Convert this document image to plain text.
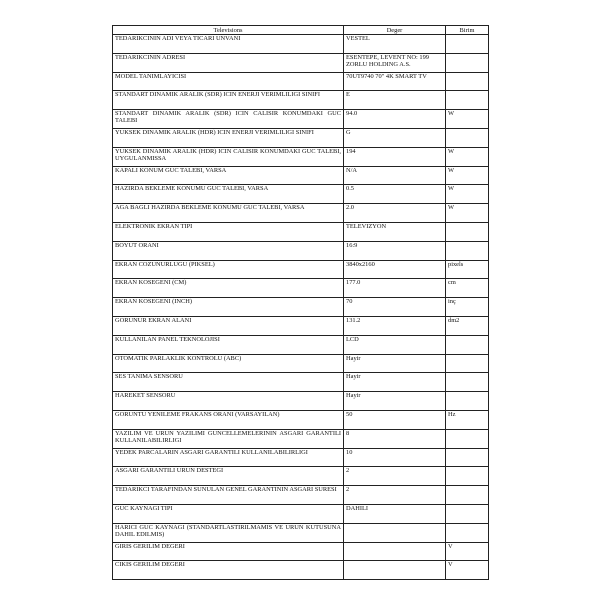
Televisions	Deger	Birim
TEDARIKCININ ADI VEYA TICARI UNVANI	VESTEL	
TEDARIKCININ ADRESI	ESENTEPE, LEVENT NO: 199 ZORLU HOLDING A.S.	
MODEL TANIMLAYICISI	70UT9740 70" 4K SMART TV	
STANDART DINAMIK ARALIK (SDR) ICIN ENERJI VERIMLILIGI SINIFI	E	
STANDART DINAMIK ARALIK (SDR) ICIN CALISIR KONUMDAKI GUC TALEBI	94.0	W
YUKSEK DINAMIK ARALIK (HDR) ICIN ENERJI VERIMLILIGI SINIFI	G	
YUKSEK DINAMIK ARALIK (HDR) ICIN CALISIR KONUMDAKI GUC TALEBI, UYGULANMISSA	194	W
KAPALI KONUM GUC TALEBI, VARSA	N/A	W
HAZIRDA BEKLEME KONUMU GUC TALEBI, VARSA	0.5	W
AGA BAGLI HAZIRDA BEKLEME KONUMU GUC TALEBI, VARSA	2.0	W
ELEKTRONIK EKRAN TIPI	TELEVIZYON	
BOYUT ORANI	16:9	
EKRAN COZUNURLUGU (PIKSEL)	3840x2160	pixels
EKRAN KOSEGENI (CM)	177.0	cm
EKRAN KOSEGENI (INCH)	70	inç
GORUNUR EKRAN ALANI	131.2	dm2
KULLANILAN PANEL TEKNOLOJISI	LCD	
OTOMATIK PARLAKLIK KONTROLU (ABC)	Hayir	
SES TANIMA SENSORU	Hayir	
HAREKET SENSORU	Hayir	
GORUNTU YENILEME FRAKANS ORANI (VARSAYILAN)	50	Hz
YAZILIM VE URUN YAZILIMI GUNCELLEMELERININ ASGARI GARANTILI KULLANILABILIRLIGI	8	
YEDEK PARCALARIN ASGARI GARANTILI KULLANILABILIRLIGI	10	
ASGARI GARANTILI URUN DESTEGI	2	
TEDARIKCI TARAFINDAN SUNULAN GENEL GARANTININ ASGARI SURESI	2	
GUC KAYNAGI TIPI	DAHILI	
HARICI GUC KAYNAGI (STANDARTLASTIRILMAMIS VE URUN KUTUSUNA DAHIL EDILMIS)		
GIRIS GERILIM DEGERI		V
CIKIS GERILIM DEGERI		V
